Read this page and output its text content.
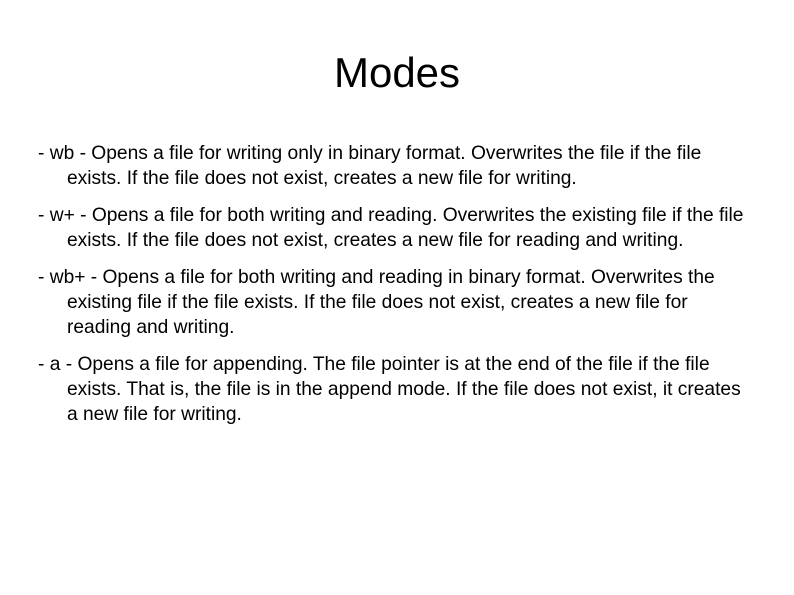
Modes
- wb - Opens a file for writing only in binary format. Overwrites the file if the file exists. If the file does not exist, creates a new file for writing.
- w+ - Opens a file for both writing and reading. Overwrites the existing file if the file exists. If the file does not exist, creates a new file for reading and writing.
- wb+ - Opens a file for both writing and reading in binary format. Overwrites the existing file if the file exists. If the file does not exist, creates a new file for reading and writing.
- a - Opens a file for appending. The file pointer is at the end of the file if the file exists. That is, the file is in the append mode. If the file does not exist, it creates a new file for writing.
